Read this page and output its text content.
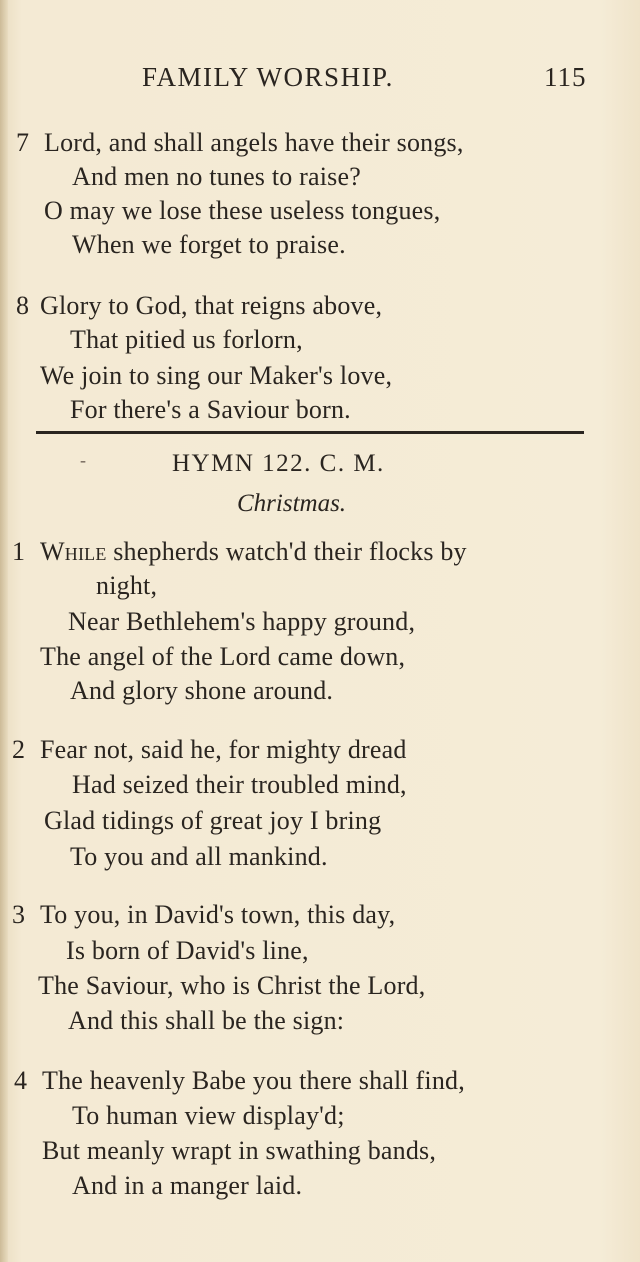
FAMILY WORSHIP.	115
7 Lord, and shall angels have their songs,
And men no tunes to raise?
O may we lose these useless tongues,
When we forget to praise.
8 Glory to God, that reigns above,
That pitied us forlorn,
We join to sing our Maker's love,
For there's a Saviour born.
-	HYMN 122. C. M.
Christmas.
1 While shepherds watch'd their flocks by
night,
Near Bethlehem's happy ground,
The angel of the Lord came down,
And glory shone around.
2 Fear not, said he, for mighty dread
Had seized their troubled mind,
Glad tidings of great joy I bring
To you and all mankind.
3 To you, in David's town, this day,
Is born of David's line,
The Saviour, who is Christ the Lord,
And this shall be the sign:
4 The heavenly Babe you there shall find,
To human view display'd;
But meanly wrapt in swathing bands,
And in a manger laid.
